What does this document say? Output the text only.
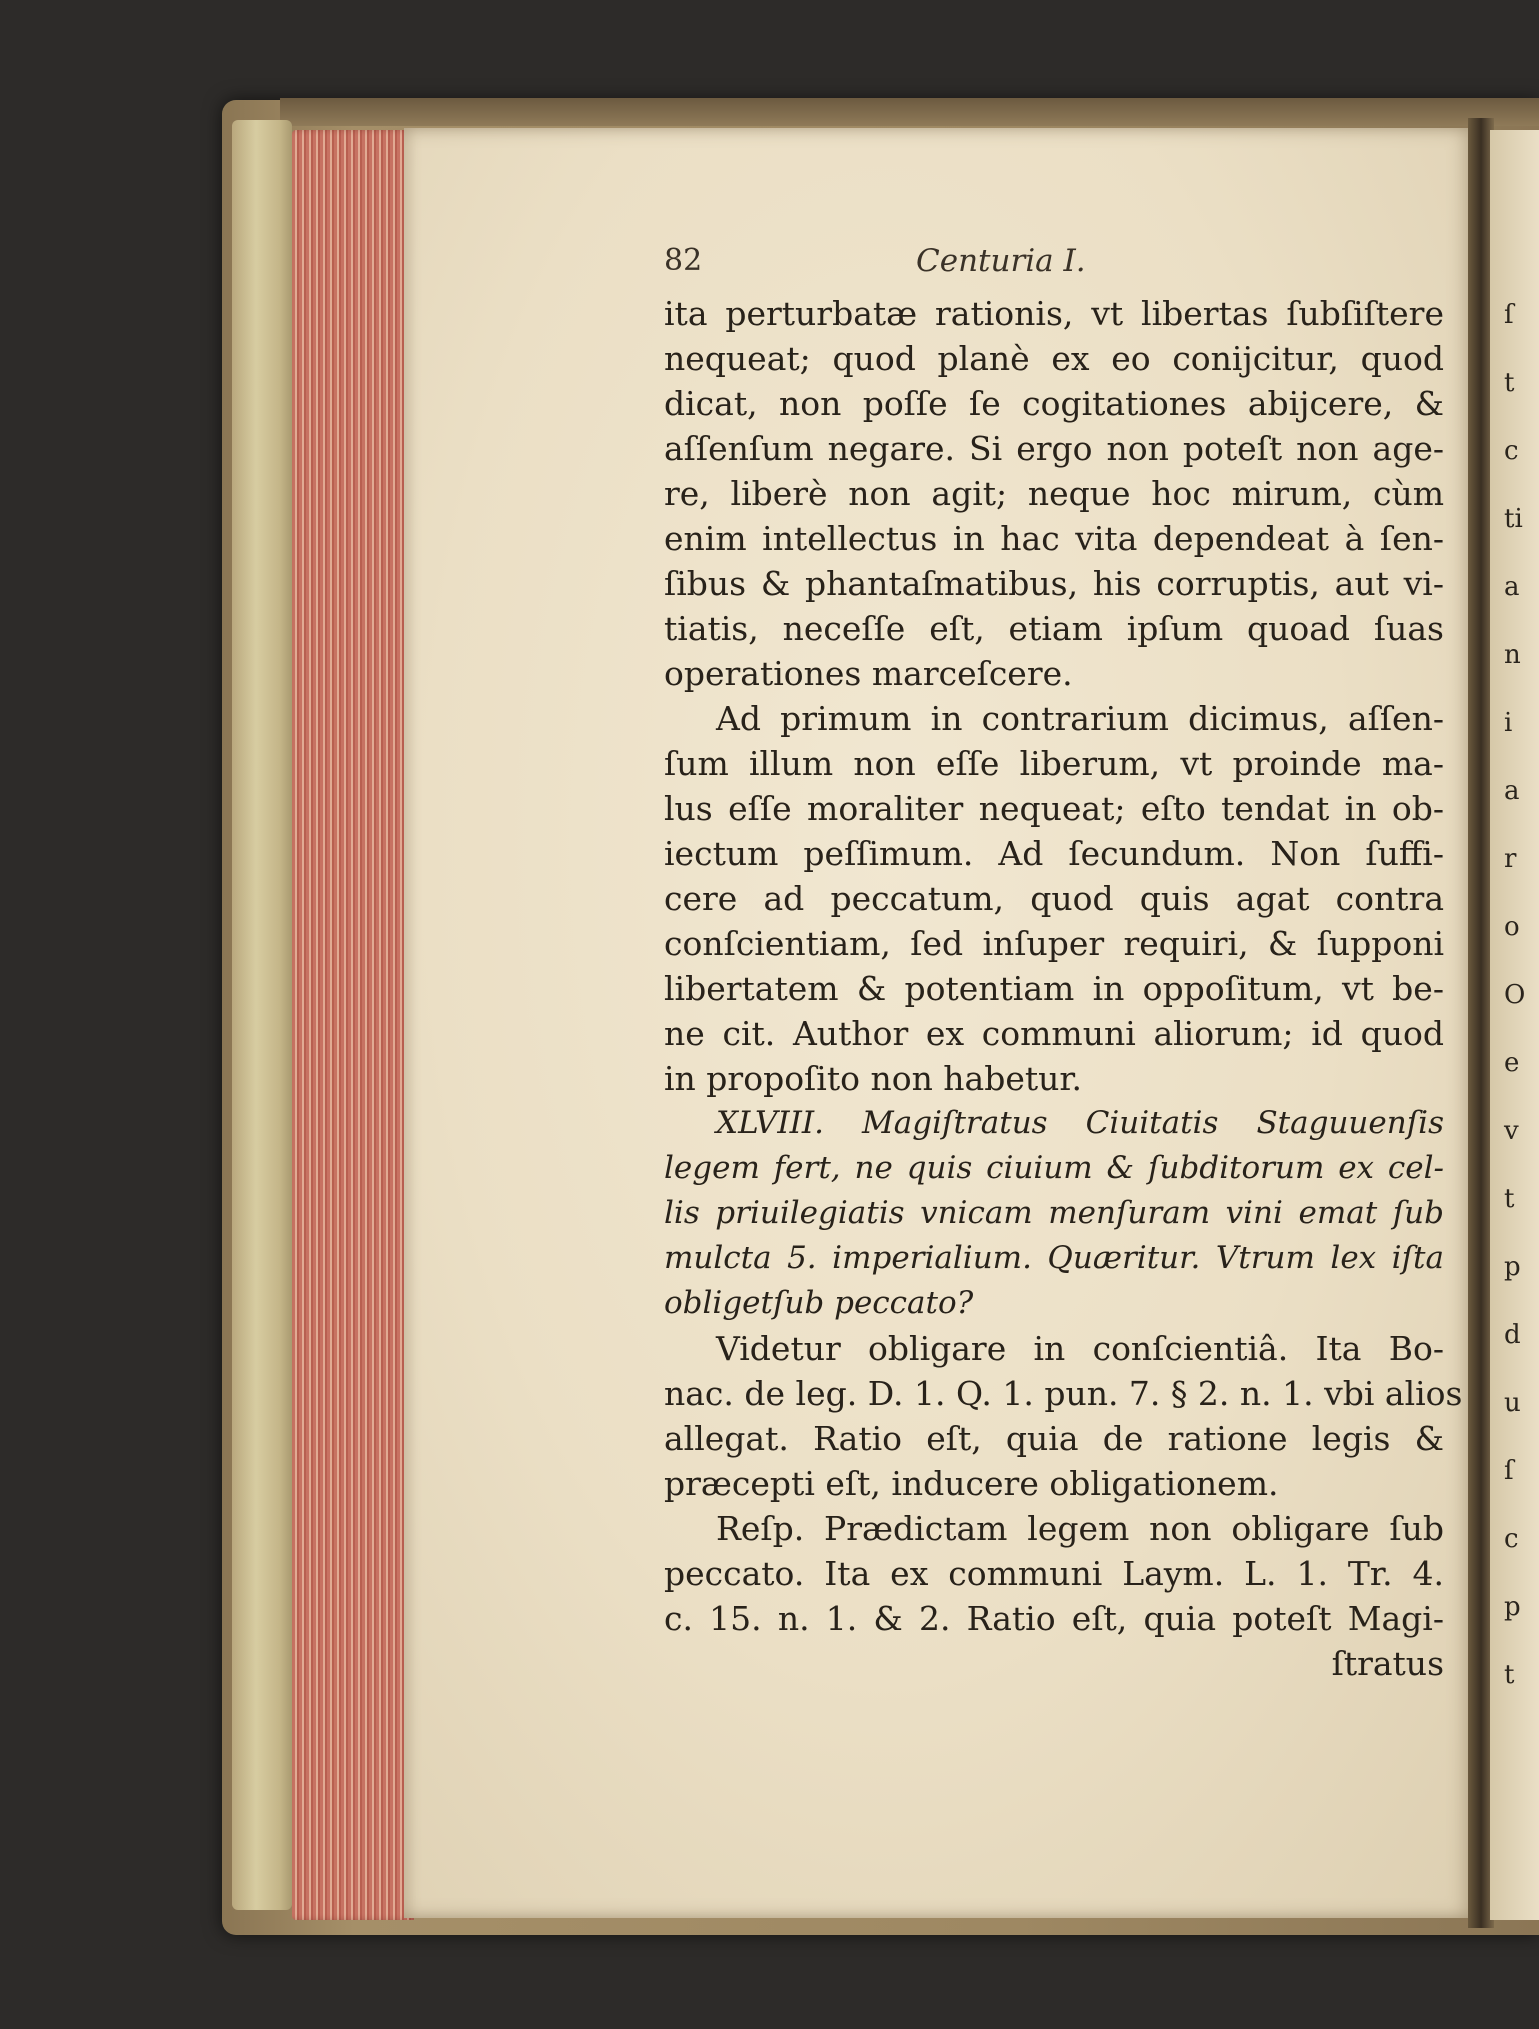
ſ
t
c
ti
a
n
i
a
r
o
O
e
v
t
p
d
u
ſ
c
p
t
82	Centuria I.
ita perturbatæ rationis, vt libertas ſubſiſtere
nequeat; quod planè ex eo conijcitur, quod
dicat, non poſſe ſe cogitationes abijcere, &
aſſenſum negare. Si ergo non poteſt non age-
re, liberè non agit; neque hoc mirum, cùm
enim intellectus in hac vita dependeat à ſen-
ſibus & phantaſmatibus, his corruptis, aut vi-
tiatis, neceſſe eſt, etiam ipſum quoad ſuas
operationes marceſcere.
Ad primum in contrarium dicimus, aſſen-
ſum illum non eſſe liberum, vt proinde ma-
lus eſſe moraliter nequeat; eſto tendat in ob-
iectum peſſimum. Ad ſecundum. Non ſuffi-
cere ad peccatum, quod quis agat contra
conſcientiam, ſed inſuper requiri, & ſupponi
libertatem & potentiam in oppoſitum, vt be-
ne cit. Author ex communi aliorum; id quod
in propoſito non habetur.
XLVIII. Magiſtratus Ciuitatis Staguuenſis
legem fert, ne quis ciuium & ſubditorum ex cel-
lis priuilegiatis vnicam menſuram vini emat ſub
mulcta 5. imperialium. Quæritur. Vtrum lex iſta
obligetſub peccato?
Videtur obligare in conſcientiâ. Ita Bo-
nac. de leg. D. 1. Q. 1. pun. 7. § 2. n. 1. vbi alios
allegat. Ratio eſt, quia de ratione legis &
præcepti eſt, inducere obligationem.
Reſp. Prædictam legem non obligare ſub
peccato. Ita ex communi Laym. L. 1. Tr. 4.
c. 15. n. 1. & 2. Ratio eſt, quia poteſt Magi-
ſtratus
